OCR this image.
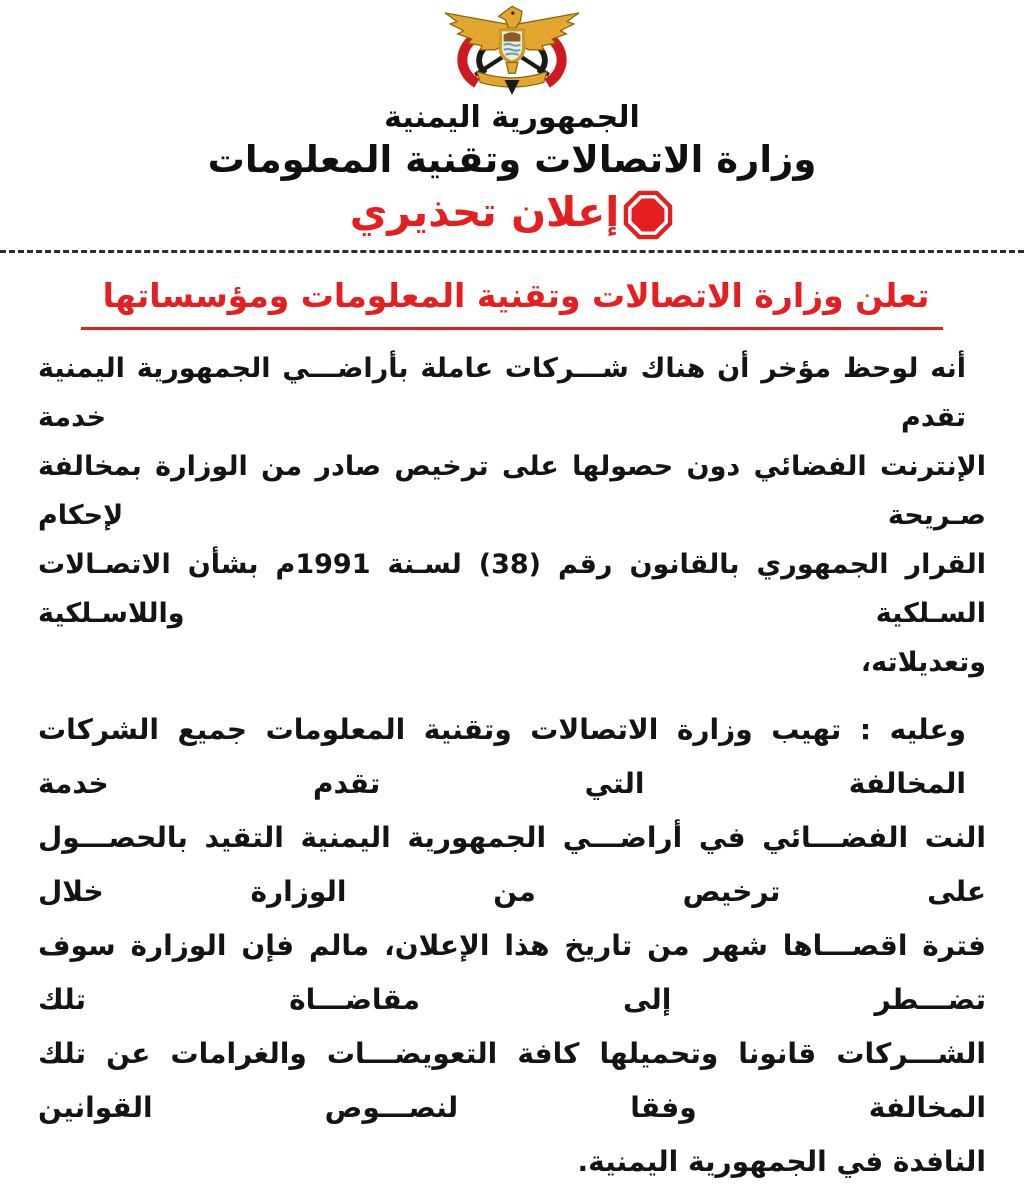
الجمهورية اليمنية
وزارة الاتصالات وتقنية المعلومات
إعلان تحذيري
تعلن وزارة الاتصالات وتقنية المعلومات ومؤسساتها
أنه لوحظ مؤخر أن هناك شـــركات عاملة بأراضـــي الجمهورية اليمنية تقدم خدمة
الإنترنت الفضائي دون حصولها على ترخيص صادر من الوزارة بمخالفة صـريحة لإحكام
القرار الجمهوري بالقانون رقم (38) لسـنة 1991م بشأن الاتصـالات السـلكية واللاسـلكية
وتعديلاته،
وعليه : تهيب وزارة الاتصالات وتقنية المعلومات جميع الشركات المخالفة التي تقدم خدمة
النت الفضـــائي في أراضـــي الجمهورية اليمنية التقيد بالحصـــول على ترخيص من الوزارة خلال
فترة اقصـــاها شهر من تاريخ هذا الإعلان، مالم فإن الوزارة سوف تضـــطر إلى مقاضـــاة تلك
الشـــركات قانونا وتحميلها كافة التعويضـــات والغرامات عن تلك المخالفة وفقا لنصـــوص القوانين
النافدة في الجمهورية اليمنية.
